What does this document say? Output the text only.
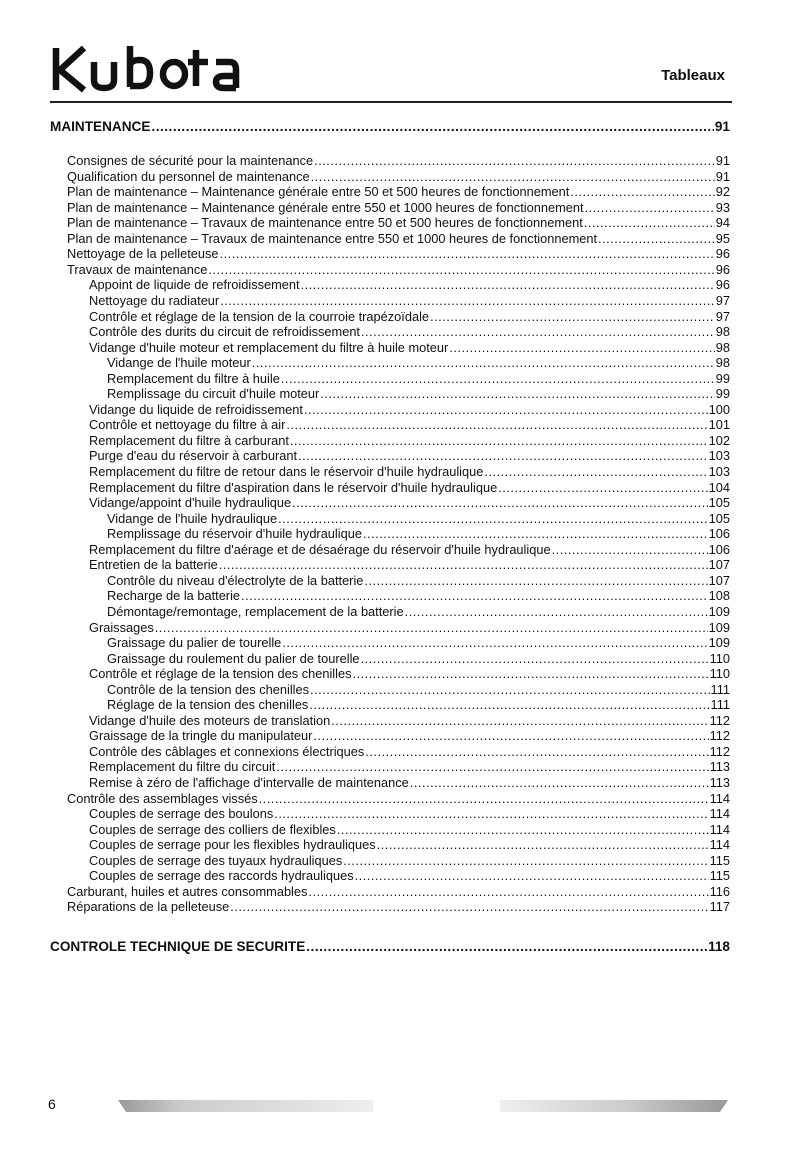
Tableaux
MAINTENANCE .....	91
Consignes de sécurité pour la maintenance .....	91
Qualification du personnel de maintenance .....	91
Plan de maintenance – Maintenance générale entre 50 et 500 heures de fonctionnement .....	92
Plan de maintenance – Maintenance générale entre 550 et 1000 heures de fonctionnement .....	93
Plan de maintenance – Travaux de maintenance entre 50 et 500 heures de fonctionnement .....	94
Plan de maintenance – Travaux de maintenance entre 550 et 1000 heures de fonctionnement .....	95
Nettoyage de la pelleteuse .....	96
Travaux de maintenance .....	96
Appoint de liquide de refroidissement .....	96
Nettoyage du radiateur .....	97
Contrôle et réglage de la tension de la courroie trapézoïdale .....	97
Contrôle des durits du circuit de refroidissement .....	98
Vidange d'huile moteur et remplacement du filtre à huile moteur .....	98
Vidange de l'huile moteur .....	98
Remplacement du filtre à huile .....	99
Remplissage du circuit d'huile moteur .....	99
Vidange du liquide de refroidissement .....	100
Contrôle et nettoyage du filtre à air .....	101
Remplacement du filtre à carburant .....	102
Purge d'eau du réservoir à carburant .....	103
Remplacement du filtre de retour dans le réservoir d'huile hydraulique .....	103
Remplacement du filtre d'aspiration dans le réservoir d'huile hydraulique .....	104
Vidange/appoint d'huile hydraulique .....	105
Vidange de l'huile hydraulique .....	105
Remplissage du réservoir d'huile hydraulique .....	106
Remplacement du filtre d'aérage et de désaérage du réservoir d'huile hydraulique .....	106
Entretien de la batterie .....	107
Contrôle du niveau d'électrolyte de la batterie .....	107
Recharge de la batterie .....	108
Démontage/remontage, remplacement de la batterie .....	109
Graissages .....	109
Graissage du palier de tourelle .....	109
Graissage du roulement du palier de tourelle .....	110
Contrôle et réglage de la tension des chenilles .....	110
Contrôle de la tension des chenilles .....	111
Réglage de la tension des chenilles .....	111
Vidange d'huile des moteurs de translation .....	112
Graissage de la tringle du manipulateur .....	112
Contrôle des câblages et connexions électriques .....	112
Remplacement du filtre du circuit .....	113
Remise à zéro de l'affichage d'intervalle de maintenance .....	113
Contrôle des assemblages vissés .....	114
Couples de serrage des boulons .....	114
Couples de serrage des colliers de flexibles .....	114
Couples de serrage pour les flexibles hydrauliques .....	114
Couples de serrage des tuyaux hydrauliques .....	115
Couples de serrage des raccords hydrauliques .....	115
Carburant, huiles et autres consommables .....	116
Réparations de la pelleteuse .....	117
CONTROLE TECHNIQUE DE SECURITE .....	118
6
